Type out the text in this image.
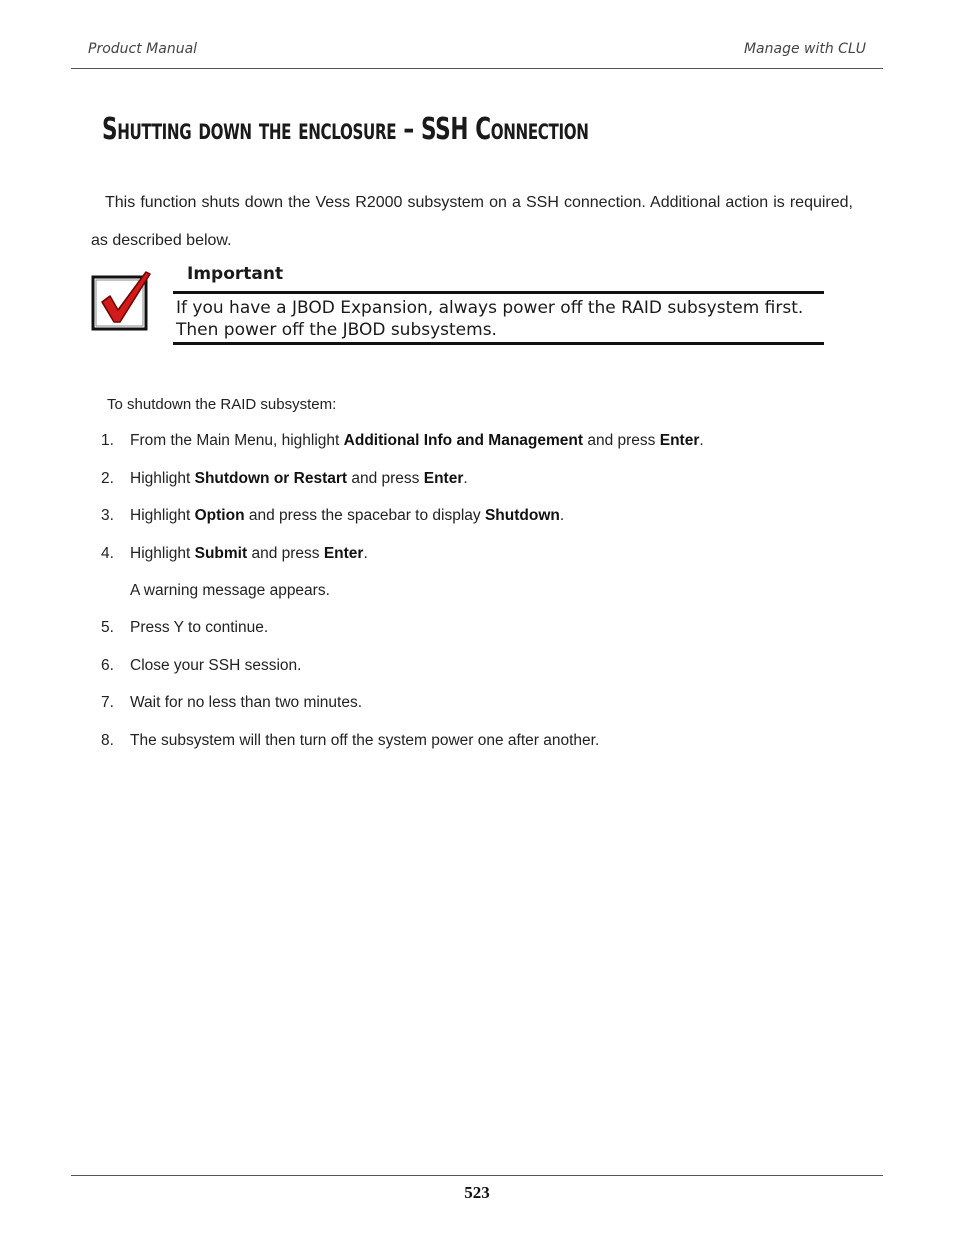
Product Manual	Manage with CLU
Shutting down the enclosure – SSH Connection
This function shuts down the Vess R2000 subsystem on a SSH connection. Additional action is required, as described below.
Important
If you have a JBOD Expansion, always power off the RAID subsystem first. Then power off the JBOD subsystems.
To shutdown the RAID subsystem:
1. From the Main Menu, highlight Additional Info and Management and press Enter.
2. Highlight Shutdown or Restart and press Enter.
3. Highlight Option and press the spacebar to display Shutdown.
4. Highlight Submit and press Enter.
A warning message appears.
5. Press Y to continue.
6. Close your SSH session.
7. Wait for no less than two minutes.
8. The subsystem will then turn off the system power one after another.
523
